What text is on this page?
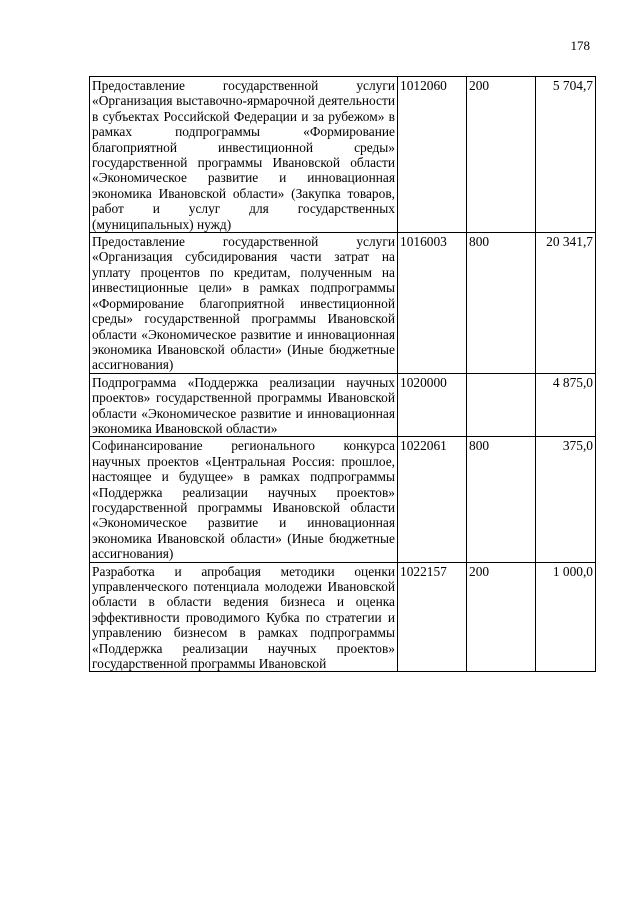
178
Предоставление государственной услуги «Организация выставочно-ярмарочной деятельности в субъектах Российской Федерации и за рубежом» в рамках подпрограммы «Формирование благоприятной инвестиционной среды» государственной программы Ивановской области «Экономическое развитие и инновационная экономика Ивановской области» (Закупка товаров, работ и услуг для государственных (муниципальных) нужд)	1012060	200	5 704,7
Предоставление государственной услуги «Организация субсидирования части затрат на уплату процентов по кредитам, полученным на инвестиционные цели» в рамках подпрограммы «Формирование благоприятной инвестиционной среды» государственной программы Ивановской области «Экономическое развитие и инновационная экономика Ивановской области» (Иные бюджетные ассигнования)	1016003	800	20 341,7
Подпрограмма «Поддержка реализации научных проектов» государственной программы Ивановской области «Экономическое развитие и инновационная экономика Ивановской области»	1020000		4 875,0
Софинансирование регионального конкурса научных проектов «Центральная Россия: прошлое, настоящее и будущее» в рамках подпрограммы «Поддержка реализации научных проектов» государственной программы Ивановской области «Экономическое развитие и инновационная экономика Ивановской области» (Иные бюджетные ассигнования)	1022061	800	375,0
Разработка и апробация методики оценки управленческого потенциала молодежи Ивановской области в области ведения бизнеса и оценка эффективности проводимого Кубка по стратегии и управлению бизнесом в рамках подпрограммы «Поддержка реализации научных проектов» государственной программы Ивановской	1022157	200	1 000,0
